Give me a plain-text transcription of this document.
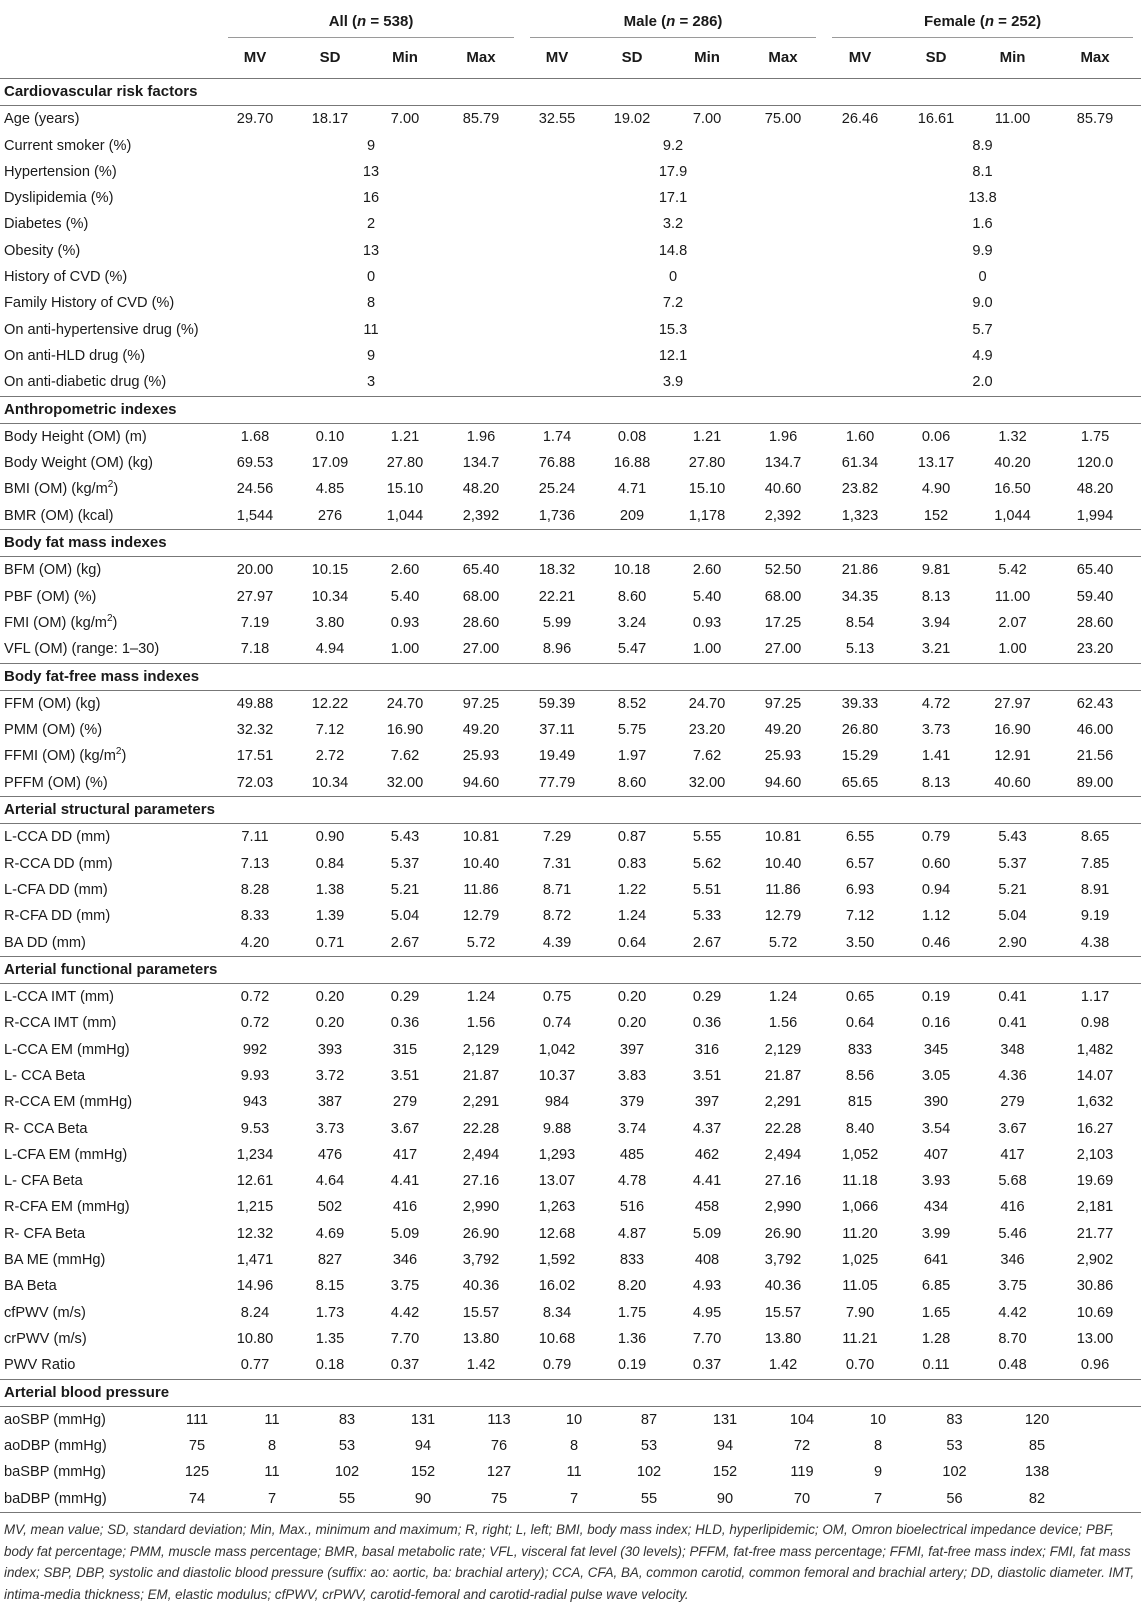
All (n = 538)	Male (n = 286)	Female (n = 252)

	MV	SD	Min	Max	MV	SD	Min	Max	MV	SD	Min	Max
Cardiovascular risk factors
Age (years)	29.70	18.17	7.00	85.79	32.55	19.02	7.00	75.00	26.46	16.61	11.00	85.79
Current smoker (%)	9	9.2	8.9
Hypertension (%)	13	17.9	8.1
Dyslipidemia (%)	16	17.1	13.8
Diabetes (%)	2	3.2	1.6
Obesity (%)	13	14.8	9.9
History of CVD (%)	0	0	0
Family History of CVD (%)	8	7.2	9.0
On anti-hypertensive drug (%)	11	15.3	5.7
On anti-HLD drug (%)	9	12.1	4.9
On anti-diabetic drug (%)	3	3.9	2.0
Anthropometric indexes
Body Height (OM) (m)	1.68	0.10	1.21	1.96	1.74	0.08	1.21	1.96	1.60	0.06	1.32	1.75
Body Weight (OM) (kg)	69.53	17.09	27.80	134.7	76.88	16.88	27.80	134.7	61.34	13.17	40.20	120.0
BMI (OM) $(kg/m^2)$	24.56	4.85	15.10	48.20	25.24	4.71	15.10	40.60	23.82	4.90	16.50	48.20
BMR (OM) (kcal)	1,544	276	1,044	2,392	1,736	209	1,178	2,392	1,323	152	1,044	1,994
Body fat mass indexes
BFM (OM) (kg)	20.00	10.15	2.60	65.40	18.32	10.18	2.60	52.50	21.86	9.81	5.42	65.40
PBF (OM) (%)	27.97	10.34	5.40	68.00	22.21	8.60	5.40	68.00	34.35	8.13	11.00	59.40
FMI (OM) $(kg/m^2)$	7.19	3.80	0.93	28.60	5.99	3.24	0.93	17.25	8.54	3.94	2.07	28.60
VFL (OM) (range: 1–30)	7.18	4.94	1.00	27.00	8.96	5.47	1.00	27.00	5.13	3.21	1.00	23.20
Body fat-free mass indexes
FFM (OM) (kg)	49.88	12.22	24.70	97.25	59.39	8.52	24.70	97.25	39.33	4.72	27.97	62.43
PMM (OM) (%)	32.32	7.12	16.90	49.20	37.11	5.75	23.20	49.20	26.80	3.73	16.90	46.00
FFMI (OM) $(kg/m^2)$	17.51	2.72	7.62	25.93	19.49	1.97	7.62	25.93	15.29	1.41	12.91	21.56
PFFM (OM) (%)	72.03	10.34	32.00	94.60	77.79	8.60	32.00	94.60	65.65	8.13	40.60	89.00
Arterial structural parameters
L-CCA DD (mm)	7.11	0.90	5.43	10.81	7.29	0.87	5.55	10.81	6.55	0.79	5.43	8.65
R-CCA DD (mm)	7.13	0.84	5.37	10.40	7.31	0.83	5.62	10.40	6.57	0.60	5.37	7.85
L-CFA DD (mm)	8.28	1.38	5.21	11.86	8.71	1.22	5.51	11.86	6.93	0.94	5.21	8.91
R-CFA DD (mm)	8.33	1.39	5.04	12.79	8.72	1.24	5.33	12.79	7.12	1.12	5.04	9.19
BA DD (mm)	4.20	0.71	2.67	5.72	4.39	0.64	2.67	5.72	3.50	0.46	2.90	4.38
Arterial functional parameters
L-CCA IMT (mm)	0.72	0.20	0.29	1.24	0.75	0.20	0.29	1.24	0.65	0.19	0.41	1.17
R-CCA IMT (mm)	0.72	0.20	0.36	1.56	0.74	0.20	0.36	1.56	0.64	0.16	0.41	0.98
L-CCA EM (mmHg)	992	393	315	2,129	1,042	397	316	2,129	833	345	348	1,482
L- CCA Beta	9.93	3.72	3.51	21.87	10.37	3.83	3.51	21.87	8.56	3.05	4.36	14.07
R-CCA EM (mmHg)	943	387	279	2,291	984	379	397	2,291	815	390	279	1,632
R- CCA Beta	9.53	3.73	3.67	22.28	9.88	3.74	4.37	22.28	8.40	3.54	3.67	16.27
L-CFA EM (mmHg)	1,234	476	417	2,494	1,293	485	462	2,494	1,052	407	417	2,103
L- CFA Beta	12.61	4.64	4.41	27.16	13.07	4.78	4.41	27.16	11.18	3.93	5.68	19.69
R-CFA EM (mmHg)	1,215	502	416	2,990	1,263	516	458	2,990	1,066	434	416	2,181
R- CFA Beta	12.32	4.69	5.09	26.90	12.68	4.87	5.09	26.90	11.20	3.99	5.46	21.77
BA ME (mmHg)	1,471	827	346	3,792	1,592	833	408	3,792	1,025	641	346	2,902
BA Beta	14.96	8.15	3.75	40.36	16.02	8.20	4.93	40.36	11.05	6.85	3.75	30.86
cfPWV (m/s)	8.24	1.73	4.42	15.57	8.34	1.75	4.95	15.57	7.90	1.65	4.42	10.69
crPWV (m/s)	10.80	1.35	7.70	13.80	10.68	1.36	7.70	13.80	11.21	1.28	8.70	13.00
PWV Ratio	0.77	0.18	0.37	1.42	0.79	0.19	0.37	1.42	0.70	0.11	0.48	0.96
Arterial blood pressure
aoSBP (mmHg)	111	11	83	131	113	10	87	131	104	10	83	120
aoDBP (mmHg)	75	8	53	94	76	8	53	94	72	8	53	85
baSBP (mmHg)	125	11	102	152	127	11	102	152	119	9	102	138
baDBP (mmHg)	74	7	55	90	75	7	55	90	70	7	56	82
MV, mean value; SD, standard deviation; Min, Max., minimum and maximum; R, right; L, left; BMI, body mass index; HLD, hyperlipidemic; OM, Omron bioelectrical impedance device; PBF, body fat percentage; PMM, muscle mass percentage; BMR, basal metabolic rate; VFL, visceral fat level (30 levels); PFFM, fat-free mass percentage; FFMI, fat-free mass index; FMI, fat mass index; SBP, DBP, systolic and diastolic blood pressure (suffix: ao: aortic, ba: brachial artery); CCA, CFA, BA, common carotid, common femoral and brachial artery; DD, diastolic diameter. IMT, intima-media thickness; EM, elastic modulus; cfPWV, crPWV, carotid-femoral and carotid-radial pulse wave velocity.
